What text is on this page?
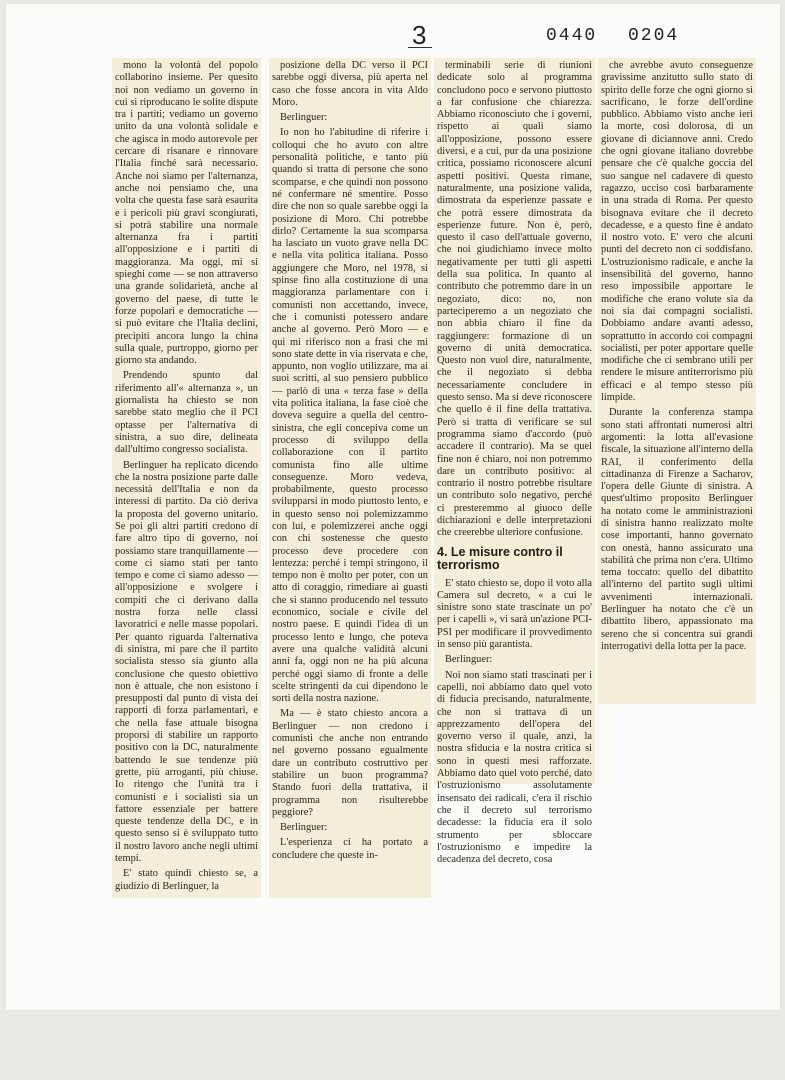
3	0440 0204

mono la volontà del popolo collaborino insieme. Per quesito noi non vediamo un governo in cui si riproducano le solite dispute tra i partiti; vediamo un governo unito da una volontà solidale e che agisca in modo autorevole per cercare di risanare e rinnovare l'Italia finché sarà necessario. Anche noi siamo per l'alternanza, anche noi pensiamo che, una volta che questa fase sarà esaurita e i pericoli più gravi scongiurati, si potrà stabilire una normale alternanza fra i partiti all'opposizione e i partiti di maggioranza. Ma oggi, mi si spieghi come — se non attraverso una grande solidarietà, anche al governo del paese, di tutte le forze popolari e democratiche — si può evitare che l'Italia declini, precipiti ancora lungo la china sulla quale, purtroppo, giorno per giorno sta andando.

Prendendo spunto dal riferimento all'« alternanza », un giornalista ha chiesto se non sarebbe stato meglio che il PCI optasse per l'alternativa di sinistra, a suo dire, delineata dall'ultimo congresso socialista.

Berlinguer ha replicato dicendo che la nostra posizione parte dalle necessità dell'Italia e non da interessi di partito. Da ciò deriva la proposta del governo unitario. Se poi gli altri partiti credono di fare altro tipo di governo, noi possiamo stare tranquillamente — come ci siamo stati per tanto tempo e come ci siamo adesso — all'opposizione e svolgere i compiti che ci derivano dalla nostra forza nelle classi lavoratrici e nelle masse popolari. Per quanto riguarda l'alternativa di sinistra, mi pare che il partito socialista stesso sia giunto alla conclusione che questo obiettivo non è attuale, che non esistono i presupposti dal punto di vista dei rapporti di forza parlamentari, e che nella fase attuale bisogna proporsi di stabilire un rapporto positivo con la DC, naturalmente battendo le sue tendenze più grette, più arroganti, più chiuse. Io ritengo che l'unità tra i comunisti e i socialisti sia un fattore essenziale per battere queste tendenze della DC, e in questo senso si è sviluppato tutto il nostro lavoro anche negli ultimi tempi.

E' stato quindi chiesto se, a giudizio di Berlinguer, la

posizione della DC verso il PCI sarebbe oggi diversa, più aperta nel caso che fosse ancora in vita Aldo Moro.

Berlinguer:

Io non ho l'abitudine di riferire i colloqui che ho avuto con altre personalità politiche, e tanto più quando si tratta di persone che sono scomparse, e che quindi non possono né confermare né smentire. Posso dire che non so quale sarebbe oggi la posizione di Moro. Chi potrebbe dirlo? Certamente la sua scomparsa ha lasciato un vuoto grave nella DC e nella vita politica italiana. Posso aggiungere che Moro, nel 1978, si spinse fino alla costituzione di una maggioranza parlamentare con i comunisti non accettando, invece, che i comunisti potessero andare anche al governo. Però Moro — e qui mi riferisco non a frasi che mi sono state dette in via riservata e che, appunto, non voglio utilizzare, ma ai suoi scritti, al suo pensiero pubblico — parlò di una « terza fase » della vita politica italiana, la fase cioè che doveva seguire a quella del centro-sinistra, che egli concepiva come un processo di sviluppo della collaborazione con il partito comunista fino alle ultime conseguenze. Moro vedeva, probabilmente, questo processo svilupparsi in modo piuttosto lento, e in questo senso noi polemizzammo con lui, e polemizzerei anche oggi con chi sostenesse che questo processo deve procedere con lentezza: perché i tempi stringono, il tempo non è molto per poter, con un atto di coraggio, rimediare ai guasti che si stanno producendo nel tessuto economico, sociale e civile del nostro paese. E quindi l'idea di un processo lento e lungo, che poteva avere una qualche validità alcuni anni fa, oggi non ne ha più alcuna perché oggi siamo di fronte a delle scelte stringenti da cui dipendono le sorti della nostra nazione.

Ma — è stato chiesto ancora a Berlinguer — non credono i comunisti che anche non entrando nel governo possano egualmente dare un contributo costruttivo per stabilire un buon programma? Stando fuori della trattativa, il programma non risulterebbe peggiore?

Berlinguer:

L'esperienza ci ha portato a concludere che queste in-

terminabili serie di riunioni dedicate solo al programma concludono poco e servono piuttosto a far confusione che chiarezza. Abbiamo riconosciuto che i governi, rispetto ai quali siamo all'opposizione, possono essere diversi, e a cui, pur da una posizione critica, possiamo riconoscere alcuni aspetti positivi. Questa rimane, naturalmente, una posizione valida, dimostrata da esperienze passate e che potrà essere dimostrata da esperienze future. Non è, però, questo il caso dell'attuale governo, che noi giudichiamo invece molto negativamente per tutti gli aspetti della sua politica. In quanto al contributo che potremmo dare in un negoziato, dico: no, non parteciperemo a un negoziato che non abbia chiaro il fine da raggiungere: formazione di un governo di unità democratica. Questo non vuol dire, naturalmente, che il negoziato si debba necessariamente concludere in questo senso. Ma si deve riconoscere che quello è il fine della trattativa. Però si tratta di verificare se sul programma siamo d'accordo (può accadere il contrario). Ma se quel fine non è chiaro, noi non potremmo dare un contributo positivo: al contrario il nostro potrebbe risultare un contributo solo negativo, perché ci presteremmo al giuoco delle dichiarazioni e delle interpretazioni che creerebbe ulteriore confusione.

4. Le misure contro il terrorismo

E' stato chiesto se, dopo il voto alla Camera sul decreto, « a cui le sinistre sono state trascinate un po' per i capelli », vi sarà un'azione PCI-PSI per modificare il provvedimento in senso più garantista.

Berlinguer:

Noi non siamo stati trascinati per i capelli, noi abbiamo dato quel voto di fiducia precisando, naturalmente, che non si trattava di un apprezzamento dell'opera del governo verso il quale, anzi, la nostra sfiducia e la nostra critica si sono in questi mesi rafforzate. Abbiamo dato quel voto perché, dato l'ostruzionismo assolutamente insensato dei radicali, c'era il rischio che il decreto sul terrorismo decadesse: la fiducia era il solo strumento per sbloccare l'ostruzionismo e impedire la decadenza del decreto, cosa

che avrebbe avuto conseguenze gravissime anzitutto sullo stato di spirito delle forze che ogni giorno si sacrificano, le forze dell'ordine pubblico. Abbiamo visto anche ieri la morte, così dolorosa, di un giovane di diciannove anni. Credo che ogni giovane italiano dovrebbe pensare che c'è qualche goccia del suo sangue nel cadavere di questo ragazzo, ucciso così barbaramente in una strada di Roma. Per questo bisognava evitare che il decreto decadesse, e a questo fine è andato il nostro voto. E' vero che alcuni punti del decreto non ci soddisfano. L'ostruzionismo radicale, e anche la insensibilità del governo, hanno reso impossibile apportare le modifiche che erano volute sia da noi sia dai compagni socialisti. Dobbiamo andare avanti adesso, soprattutto in accordo coi compagni socialisti, per poter apportare quelle modifiche che ci sembrano utili per rendere le misure antiterrorismo più efficaci e al tempo stesso più limpide.

Durante la conferenza stampa sono stati affrontati numerosi altri argomenti: la lotta all'evasione fiscale, la situazione all'interno della RAI, il conferimento della cittadinanza di Firenze a Sacharov, l'opera delle Giunte di sinistra. A quest'ultimo proposito Berlinguer ha notato come le amministrazioni di sinistra hanno realizzato molte cose importanti, hanno governato con onestà, hanno assicurato una stabilità che prima non c'era. Ultimo tema toccato: quello del dibattito all'interno del partito sugli ultimi avvenimenti internazionali. Berlinguer ha notato che c'è un dibattito libero, appassionato ma sereno che si concentra sui grandi interrogativi della lotta per la pace.
